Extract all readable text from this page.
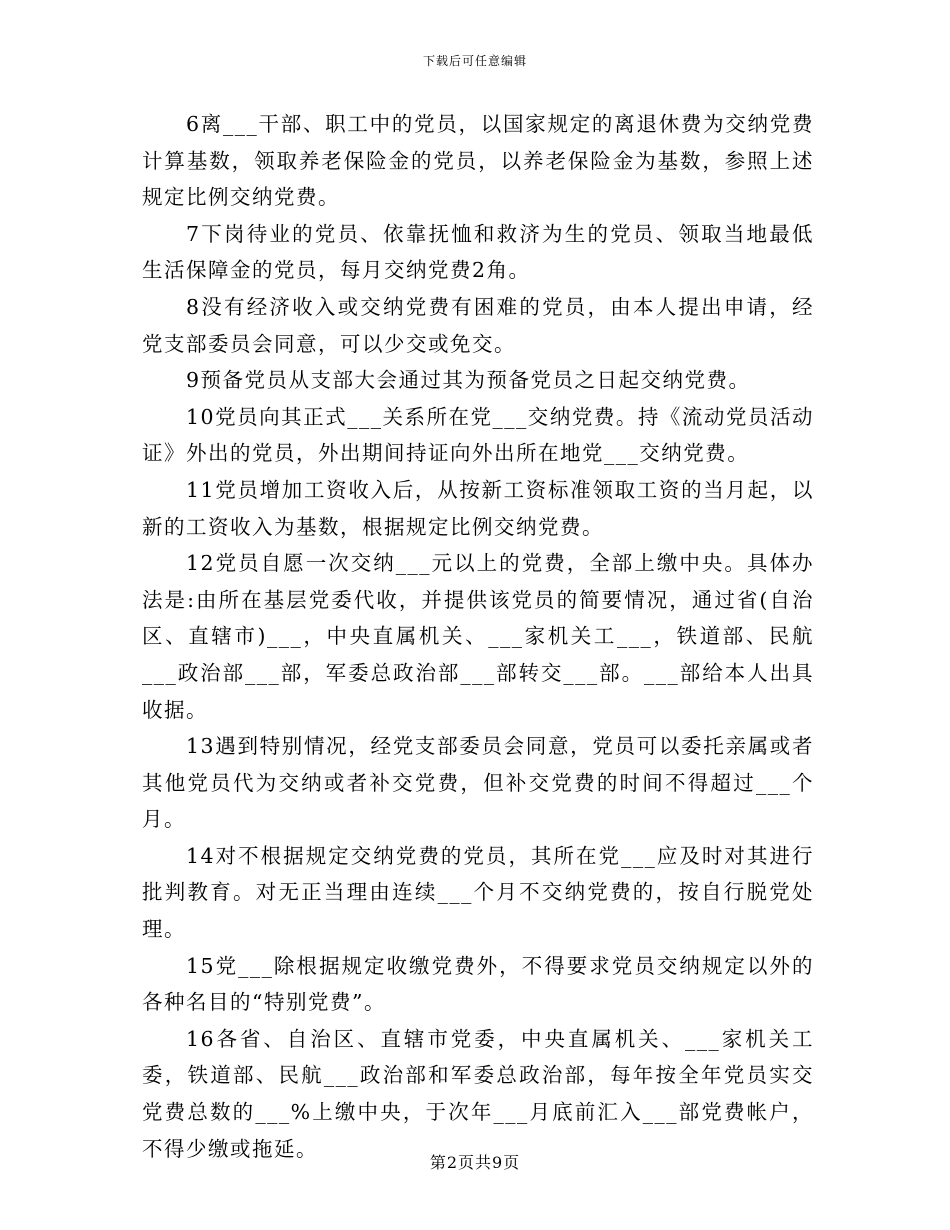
下载后可任意编辑

6离___干部、职工中的党员，以国家规定的离退休费为交纳党费计算基数，领取养老保险金的党员，以养老保险金为基数，参照上述规定比例交纳党费。

7下岗待业的党员、依靠抚恤和救济为生的党员、领取当地最低生活保障金的党员，每月交纳党费2角。

8没有经济收入或交纳党费有困难的党员，由本人提出申请，经党支部委员会同意，可以少交或免交。

9预备党员从支部大会通过其为预备党员之日起交纳党费。

10党员向其正式___关系所在党___交纳党费。持《流动党员活动证》外出的党员，外出期间持证向外出所在地党___交纳党费。

11党员增加工资收入后，从按新工资标准领取工资的当月起，以新的工资收入为基数，根据规定比例交纳党费。

12党员自愿一次交纳___元以上的党费，全部上缴中央。具体办法是:由所在基层党委代收，并提供该党员的简要情况，通过省(自治区、直辖市)___，中央直属机关、___家机关工___，铁道部、民航___政治部___部，军委总政治部___部转交___部。___部给本人出具收据。

13遇到特别情况，经党支部委员会同意，党员可以委托亲属或者其他党员代为交纳或者补交党费，但补交党费的时间不得超过___个月。

14对不根据规定交纳党费的党员，其所在党___应及时对其进行批判教育。对无正当理由连续___个月不交纳党费的，按自行脱党处理。

15党___除根据规定收缴党费外，不得要求党员交纳规定以外的各种名目的“特别党费”。

16各省、自治区、直辖市党委，中央直属机关、___家机关工委，铁道部、民航___政治部和军委总政治部，每年按全年党员实交党费总数的___%上缴中央，于次年___月底前汇入___部党费帐户，不得少缴或拖延。

第2页共9页
